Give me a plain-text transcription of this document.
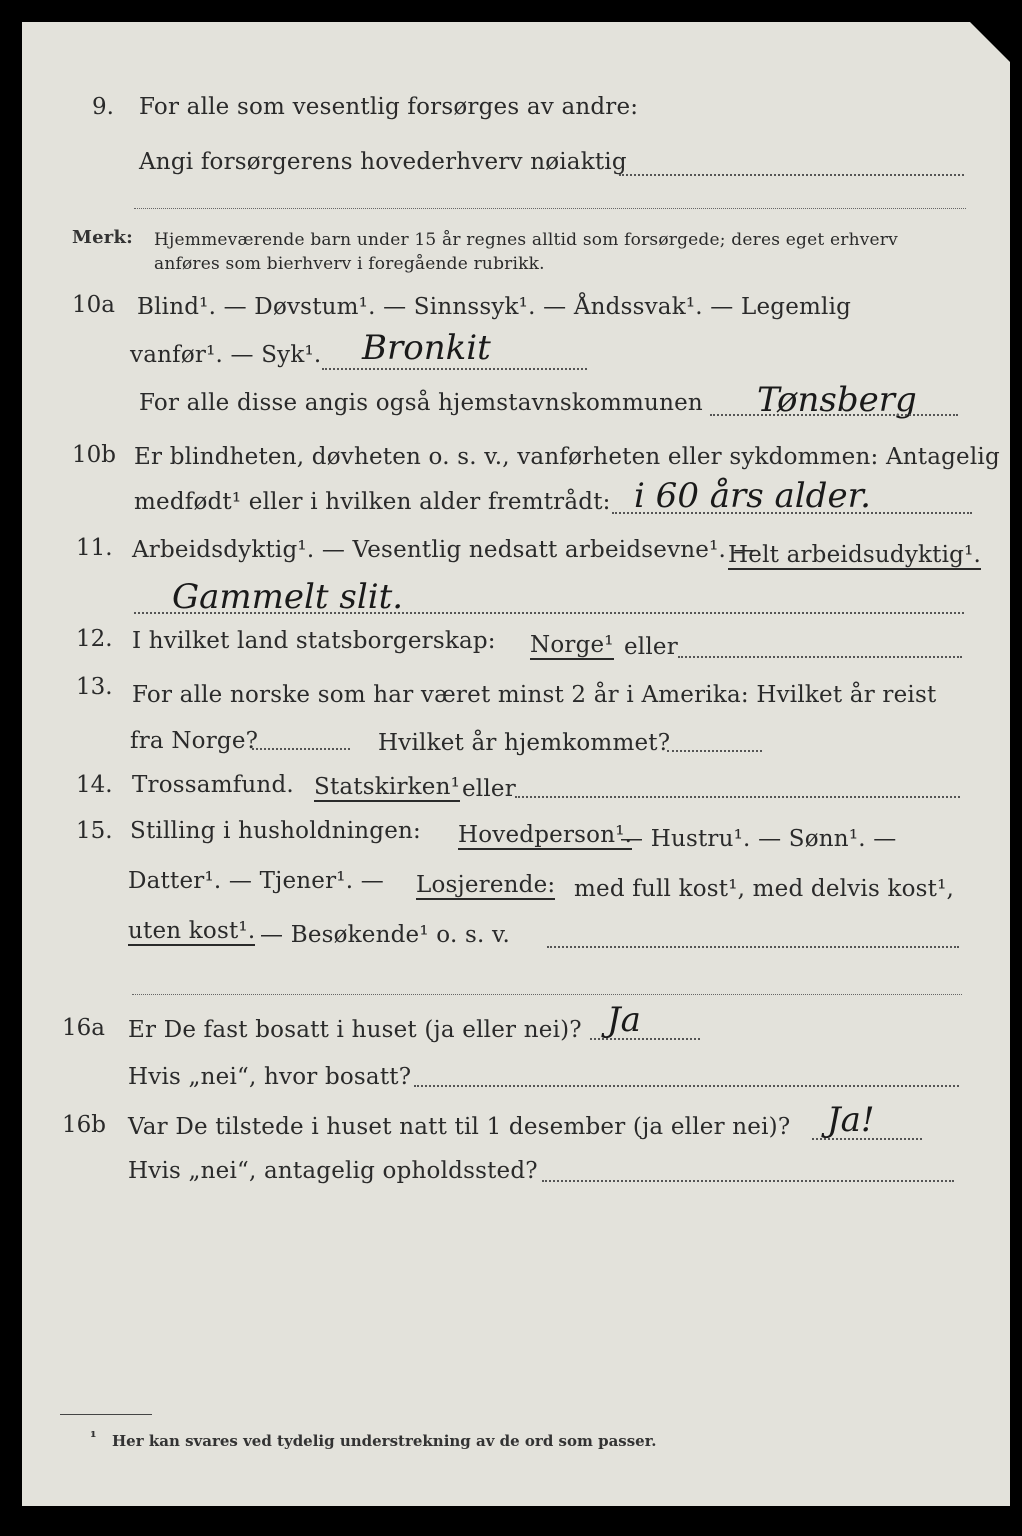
9. For alle som vesentlig forsørges av andre:
Angi forsørgerens hovederhverv nøiaktig
Merk: Hjemmeværende barn under 15 år regnes alltid som forsørgede; deres eget erhverv
anføres som bierhverv i foregående rubrikk.
10a Blind¹. — Døvstum¹. — Sinnssyk¹. — Åndssvak¹. — Legemlig
vanfør¹. — Syk¹. Bronkit
For alle disse angis også hjemstavnskommunen Tønsberg
10b Er blindheten, døvheten o. s. v., vanførheten eller sykdommen: Antagelig
medfødt¹ eller i hvilken alder fremtrådt: i 60 års alder.
11. Arbeidsdyktig¹. — Vesentlig nedsatt arbeidsevne¹. —
Helt arbeidsudyktig¹.
Gammelt slit.
12. I hvilket land statsborgerskap: Norge¹ eller
13. For alle norske som har været minst 2 år i Amerika: Hvilket år reist
fra Norge?	Hvilket år hjemkommet?
14. Trossamfund. Statskirken¹ eller
15. Stilling i husholdningen: Hovedperson¹.
— Hustru¹. — Sønn¹. —
Datter¹. — Tjener¹. — Losjerende: med full kost¹, med delvis kost¹,
uten kost¹. — Besøkende¹ o. s. v.
16a Er De fast bosatt i huset (ja eller nei)? Ja
Hvis „nei“, hvor bosatt?
16b Var De tilstede i huset natt til 1 desember (ja eller nei)? Ja!
Hvis „nei“, antagelig opholdssted?
¹ Her kan svares ved tydelig understrekning av de ord som passer.
